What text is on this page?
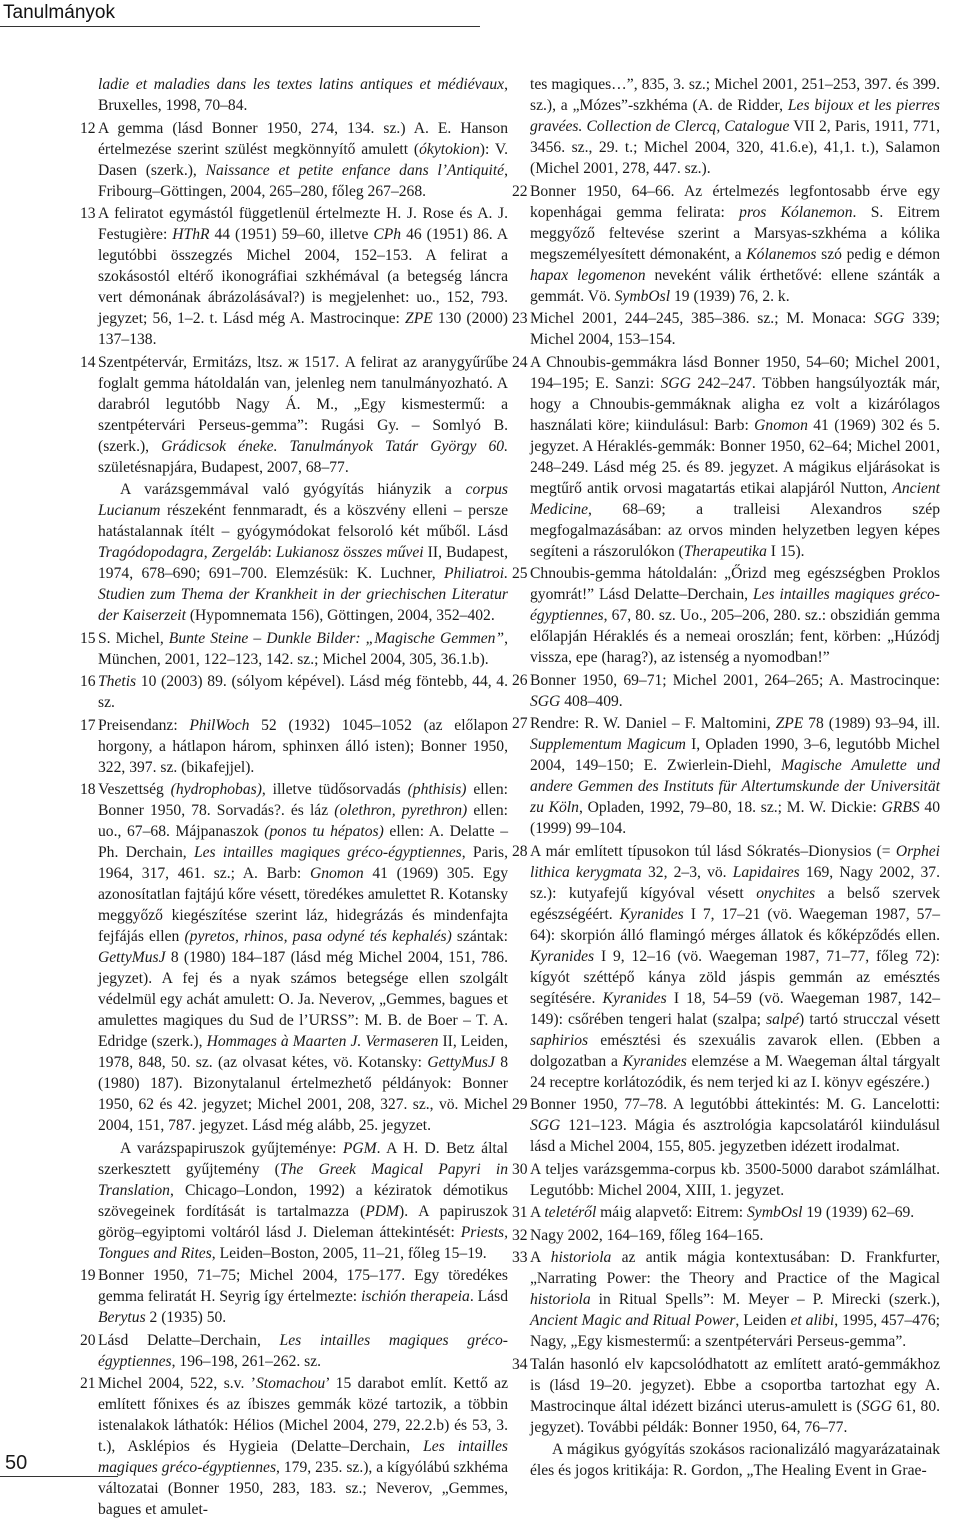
Tanulmányok

ladie et maladies dans les textes latins antiques et médiévaux, Bruxelles, 1998, 70–84.

12 A gemma (lásd Bonner 1950, 274, 134. sz.) A. E. Hanson értelmezése szerint szülést megkönnyítő amulett (ókytokion): V. Dasen (szerk.), Naissance et petite enfance dans l’Antiquité, Fribourg–Göttingen, 2004, 265–280, főleg 267–268.

13 A feliratot egymástól függetlenül értelmezte H. J. Rose és A. J. Festugière: HThR 44 (1951) 59–60, illetve CPh 46 (1951) 86. A legutóbbi összegzés Michel 2004, 152–153. A felirat a szokásostól eltérő ikonográfiai szkhémával (a betegség láncra vert démonának ábrázolásával?) is megjelenhet: uo., 152, 793. jegyzet; 56, 1–2. t. Lásd még A. Mastrocinque: ZPE 130 (2000) 137–138.

14 Szentpétervár, Ermitázs, ltsz. ж 1517. A felirat az aranygyűrűbe foglalt gemma hátoldalán van, jelenleg nem tanulmányozható. A darabról legutóbb Nagy Á. M., „Egy kismestermű: a szentpétervári Perseus-gemma”: Rugási Gy. – Somlyó B. (szerk.), Grádicsok éneke. Tanulmányok Tatár György 60. születésnapjára, Budapest, 2007, 68–77.

A varázsgemmával való gyógyítás hiányzik a corpus Lucianum részeként fennmaradt, és a köszvény elleni – persze hatástalannak ítélt – gyógymódokat felsoroló két műből. Lásd Tragódopodagra, Zergeláb: Lukianosz összes művei II, Budapest, 1974, 678–690; 691–700. Elemzésük: K. Luchner, Philiatroi. Studien zum Thema der Krankheit in der griechischen Literatur der Kaiserzeit (Hypomnemata 156), Göttingen, 2004, 352–402.

15 S. Michel, Bunte Steine – Dunkle Bilder: „Magische Gemmen”, München, 2001, 122–123, 142. sz.; Michel 2004, 305, 36.1.b).

16 Thetis 10 (2003) 89. (sólyom képével). Lásd még föntebb, 44, 4. sz.

17 Preisendanz: PhilWoch 52 (1932) 1045–1052 (az előlapon horgony, a hátlapon három, sphinxen álló isten); Bonner 1950, 322, 397. sz. (bikafejjel).

18 Veszettség (hydrophobas), illetve tüdősorvadás (phthisis) ellen: Bonner 1950, 78. Sorvadás?. és láz (olethron, pyrethron) ellen: uo., 67–68. Májpanaszok (ponos tu hépatos) ellen: A. Delatte – Ph. Derchain, Les intailles magiques gréco-égyptiennes, Paris, 1964, 317, 461. sz.; A. Barb: Gnomon 41 (1969) 305. Egy azonosítatlan fajtájú kőre vésett, töredékes amulettet R. Kotansky meggyőző kiegészítése szerint láz, hidegrázás és mindenfajta fejfájás ellen (pyretos, rhinos, pasa odyné tés kephalés) szántak: GettyMusJ 8 (1980) 184–187 (lásd még Michel 2004, 151, 786. jegyzet). A fej és a nyak számos betegsége ellen szolgált védelmül egy achát amulett: O. Ja. Neverov, „Gemmes, bagues et amulettes magiques du Sud de l’URSS”: M. B. de Boer – T. A. Edridge (szerk.), Hommages à Maarten J. Vermaseren II, Leiden, 1978, 848, 50. sz. (az olvasat kétes, vö. Kotansky: GettyMusJ 8 (1980) 187). Bizonytalanul értelmezhető példányok: Bonner 1950, 62 és 42. jegyzet; Michel 2001, 208, 327. sz., vö. Michel 2004, 151, 787. jegyzet. Lásd még alább, 25. jegyzet.

A varázspapiruszok gyűjteménye: PGM. A H. D. Betz által szerkesztett gyűjtemény (The Greek Magical Papyri in Translation, Chicago–London, 1992) a kéziratok démotikus szövegeinek fordítását is tartalmazza (PDM). A papiruszok görög–egyiptomi voltáról lásd J. Dieleman áttekintését: Priests, Tongues and Rites, Leiden–Boston, 2005, 11–21, főleg 15–19.

19 Bonner 1950, 71–75; Michel 2004, 175–177. Egy töredékes gemma feliratát H. Seyrig így értelmezte: ischión therapeia. Lásd Berytus 2 (1935) 50.

20 Lásd Delatte–Derchain, Les intailles magiques gréco-égyptiennes, 196–198, 261–262. sz.

21 Michel 2004, 522, s.v. ’Stomachou’ 15 darabot említ. Kettő az említett főnixes és az íbiszes gemmák közé tartozik, a többin istenalakok láthatók: Hélios (Michel 2004, 279, 22.2.b) és 53, 3. t.), Asklépios és Hygieia (Delatte–Derchain, Les intailles magiques gréco-égyptiennes, 179, 235. sz.), a kígyólábú szkhéma változatai (Bonner 1950, 283, 183. sz.; Neverov, „Gemmes, bagues et amulet-

tes magiques…”, 835, 3. sz.; Michel 2001, 251–253, 397. és 399. sz.), a „Mózes”-szkhéma (A. de Ridder, Les bijoux et les pierres gravées. Collection de Clercq, Catalogue VII 2, Paris, 1911, 771, 3456. sz., 29. t.; Michel 2004, 320, 41.6.e), 41,1. t.), Salamon (Michel 2001, 278, 447. sz.).

22 Bonner 1950, 64–66. Az értelmezés legfontosabb érve egy kopenhágai gemma felirata: pros Kólanemon. S. Eitrem meggyőző feltevése szerint a Marsyas-szkhéma a kólika megszemélyesített démonaként, a Kólanemos szó pedig e démon hapax legomenon neveként válik érthetővé: ellene szánták a gemmát. Vö. SymbOsl 19 (1939) 76, 2. k.

23 Michel 2001, 244–245, 385–386. sz.; M. Monaca: SGG 339; Michel 2004, 153–154.

24 A Chnoubis-gemmákra lásd Bonner 1950, 54–60; Michel 2001, 194–195; E. Sanzi: SGG 242–247. Többen hangsúlyozták már, hogy a Chnoubis-gemmáknak aligha ez volt a kizárólagos használati köre; kiindulásul: Barb: Gnomon 41 (1969) 302 és 5. jegyzet. A Héraklés-gemmák: Bonner 1950, 62–64; Michel 2001, 248–249. Lásd még 25. és 89. jegyzet. A mágikus eljárásokat is megtűrő antik orvosi magatartás etikai alapjáról Nutton, Ancient Medicine, 68–69; a tralleisi Alexandros szép megfogalmazásában: az orvos minden helyzetben legyen képes segíteni a rászorulókon (Therapeutika I 15).

25 Chnoubis-gemma hátoldalán: „Őrizd meg egészségben Proklos gyomrát!” Lásd Delatte–Derchain, Les intailles magiques gréco-égyptiennes, 67, 80. sz. Uo., 205–206, 280. sz.: obszidián gemma előlapján Héraklés és a nemeai oroszlán; fent, körben: „Húzódj vissza, epe (harag?), az istenség a nyomodban!”

26 Bonner 1950, 69–71; Michel 2001, 264–265; A. Mastrocinque: SGG 408–409.

27 Rendre: R. W. Daniel – F. Maltomini, ZPE 78 (1989) 93–94, ill. Supplementum Magicum I, Opladen 1990, 3–6, legutóbb Michel 2004, 149–150; E. Zwierlein-Diehl, Magische Amulette und andere Gemmen des Instituts für Altertumskunde der Universität zu Köln, Opladen, 1992, 79–80, 18. sz.; M. W. Dickie: GRBS 40 (1999) 99–104.

28 A már említett típusokon túl lásd Sókratés–Dionysios (= Orphei lithica kerygmata 32, 2–3, vö. Lapidaires 169, Nagy 2002, 37. sz.): kutyafejű kígyóval vésett onychites a belső szervek egészségéért. Kyranides I 7, 17–21 (vö. Waegeman 1987, 57–64): skorpión álló flamingó mérges állatok és kőképződés ellen. Kyranides I 9, 12–16 (vö. Waegeman 1987, 71–77, főleg 72): kígyót széttépő kánya zöld jáspis gemmán az emésztés segítésére. Kyranides I 18, 54–59 (vö. Waegeman 1987, 142– 149): csőrében tengeri halat (szalpa; salpé) tartó strucczal vésett saphirios emésztési és szexuális zavarok ellen. (Ebben a dolgozatban a Kyranides elemzése a M. Waegeman által tárgyalt 24 receptre korlátozódik, és nem terjed ki az I. könyv egészére.)

29 Bonner 1950, 77–78. A legutóbbi áttekintés: M. G. Lancelotti: SGG 121–123. Mágia és asztrológia kapcsolatáról kiindulásul lásd a Michel 2004, 155, 805. jegyzetben idézett irodalmat.

30 A teljes varázsgemma-corpus kb. 3500-5000 darabot számlálhat. Legutóbb: Michel 2004, XIII, 1. jegyzet.

31 A teletéről máig alapvető: Eitrem: SymbOsl 19 (1939) 62–69.

32 Nagy 2002, 164–169, főleg 164–165.

33 A historiola az antik mágia kontextusában: D. Frankfurter, „Narrating Power: the Theory and Practice of the Magical historiola in Ritual Spells”: M. Meyer – P. Mirecki (szerk.), Ancient Magic and Ritual Power, Leiden et alibi, 1995, 457–476; Nagy, „Egy kismestermű: a szentpétervári Perseus-gemma”.

34 Talán hasonló elv kapcsolódhatott az említett arató-gemmákhoz is (lásd 19–20. jegyzet). Ebbe a csoportba tartozhat egy A. Mastrocinque által idézett bizánci uterus-amulett is (SGG 61, 80. jegyzet). További példák: Bonner 1950, 64, 76–77.

A mágikus gyógyítás szokásos racionalizáló magyarázatainak éles és jogos kritikája: R. Gordon, „The Healing Event in Grae-

50
